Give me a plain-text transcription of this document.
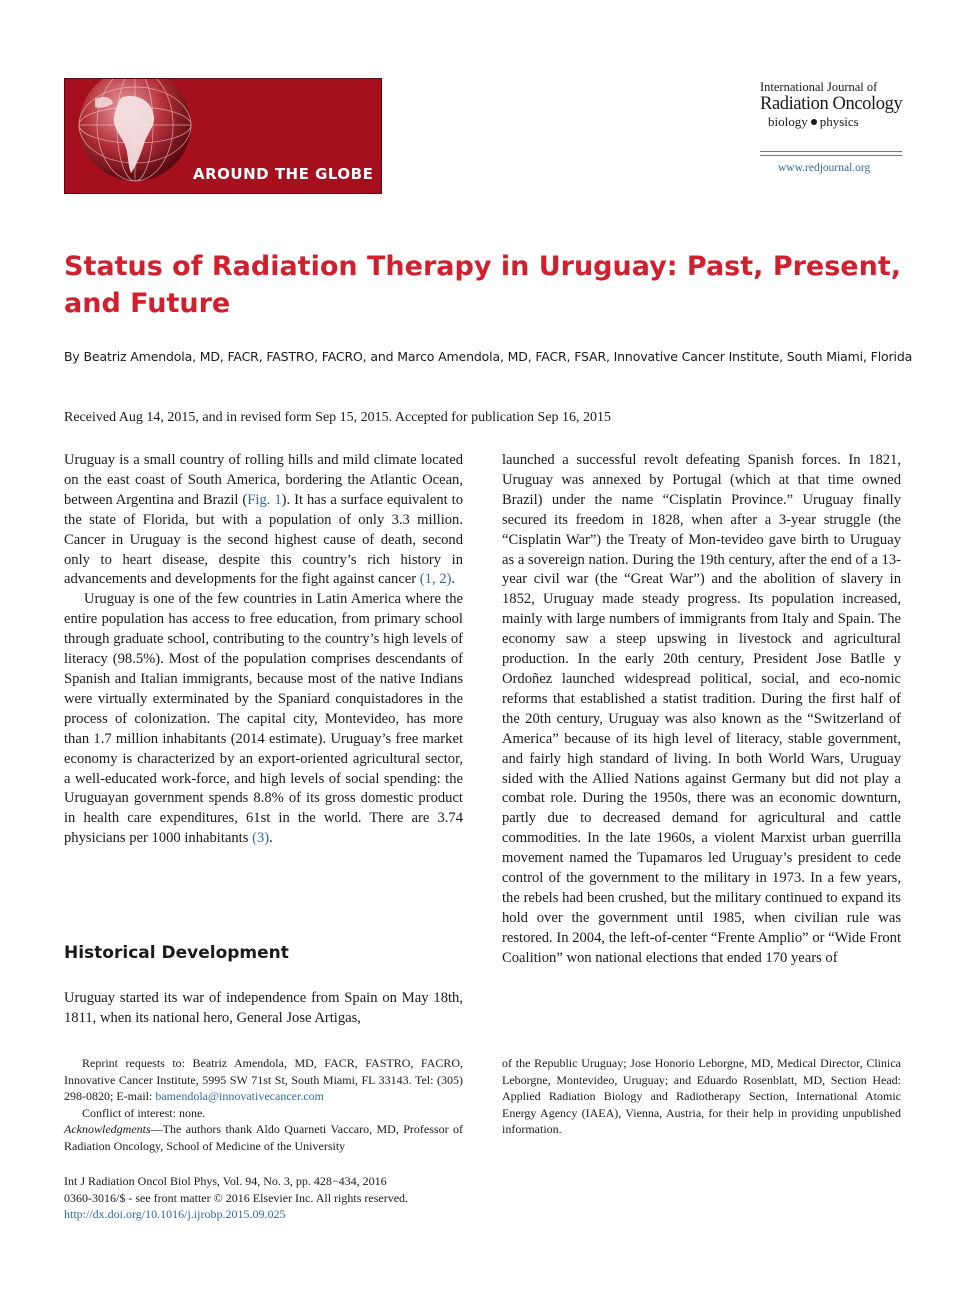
AROUND THE GLOBE
International Journal of
Radiation Oncology
biology physics
www.redjournal.org
Status of Radiation Therapy in Uruguay: Past, Present, and Future
By Beatriz Amendola, MD, FACR, FASTRO, FACRO, and Marco Amendola, MD, FACR, FSAR, Innovative Cancer Institute, South Miami, Florida
Received Aug 14, 2015, and in revised form Sep 15, 2015. Accepted for publication Sep 16, 2015

Uruguay is a small country of rolling hills and mild climate located on the east coast of South America, bordering the Atlantic Ocean, between Argentina and Brazil (Fig. 1). It has a surface equivalent to the state of Florida, but with a population of only 3.3 million. Cancer in Uruguay is the second highest cause of death, second only to heart disease, despite this country’s rich history in advancements and developments for the fight against cancer (1, 2).

Uruguay is one of the few countries in Latin America where the entire population has access to free education, from primary school through graduate school, contributing to the country’s high levels of literacy (98.5%). Most of the population comprises descendants of Spanish and Italian immigrants, because most of the native Indians were virtually exterminated by the Spaniard conquistadores in the process of colonization. The capital city, Montevideo, has more than 1.7 million inhabitants (2014 estimate). Uruguay’s free market economy is characterized by an export-oriented agricultural sector, a well-educated work-force, and high levels of social spending: the Uruguayan government spends 8.8% of its gross domestic product in health care expenditures, 61st in the world. There are 3.74 physicians per 1000 inhabitants (3).

Historical Development

Uruguay started its war of independence from Spain on May 18th, 1811, when its national hero, General Jose Artigas,

launched a successful revolt defeating Spanish forces. In 1821, Uruguay was annexed by Portugal (which at that time owned Brazil) under the name “Cisplatin Province.” Uruguay finally secured its freedom in 1828, when after a 3-year struggle (the “Cisplatin War”) the Treaty of Mon-tevideo gave birth to Uruguay as a sovereign nation. During the 19th century, after the end of a 13-year civil war (the “Great War”) and the abolition of slavery in 1852, Uruguay made steady progress. Its population increased, mainly with large numbers of immigrants from Italy and Spain. The economy saw a steep upswing in livestock and agricultural production. In the early 20th century, President Jose Batlle y Ordoñez launched widespread political, social, and eco-nomic reforms that established a statist tradition. During the first half of the 20th century, Uruguay was also known as the “Switzerland of America” because of its high level of literacy, stable government, and fairly high standard of living. In both World Wars, Uruguay sided with the Allied Nations against Germany but did not play a combat role. During the 1950s, there was an economic downturn, partly due to decreased demand for agricultural and cattle commodities. In the late 1960s, a violent Marxist urban guerrilla movement named the Tupamaros led Uruguay’s president to cede control of the government to the military in 1973. In a few years, the rebels had been crushed, but the military continued to expand its hold over the government until 1985, when civilian rule was restored. In 2004, the left-of-center “Frente Amplio” or “Wide Front Coalition” won national elections that ended 170 years of

Reprint requests to: Beatriz Amendola, MD, FACR, FASTRO, FACRO, Innovative Cancer Institute, 5995 SW 71st St, South Miami, FL 33143. Tel: (305) 298-0820; E-mail: bamendola@innovativecancer.com

Conflict of interest: none.

Acknowledgments—The authors thank Aldo Quarneti Vaccaro, MD, Professor of Radiation Oncology, School of Medicine of the University

of the Republic Uruguay; Jose Honorio Leborgne, MD, Medical Director, Clinica Leborgne, Montevideo, Uruguay; and Eduardo Rosenblatt, MD, Section Head: Applied Radiation Biology and Radiotherapy Section, International Atomic Energy Agency (IAEA), Vienna, Austria, for their help in providing unpublished information.

Int J Radiation Oncol Biol Phys, Vol. 94, No. 3, pp. 428−434, 2016
0360-3016/$ - see front matter © 2016 Elsevier Inc. All rights reserved.
http://dx.doi.org/10.1016/j.ijrobp.2015.09.025
